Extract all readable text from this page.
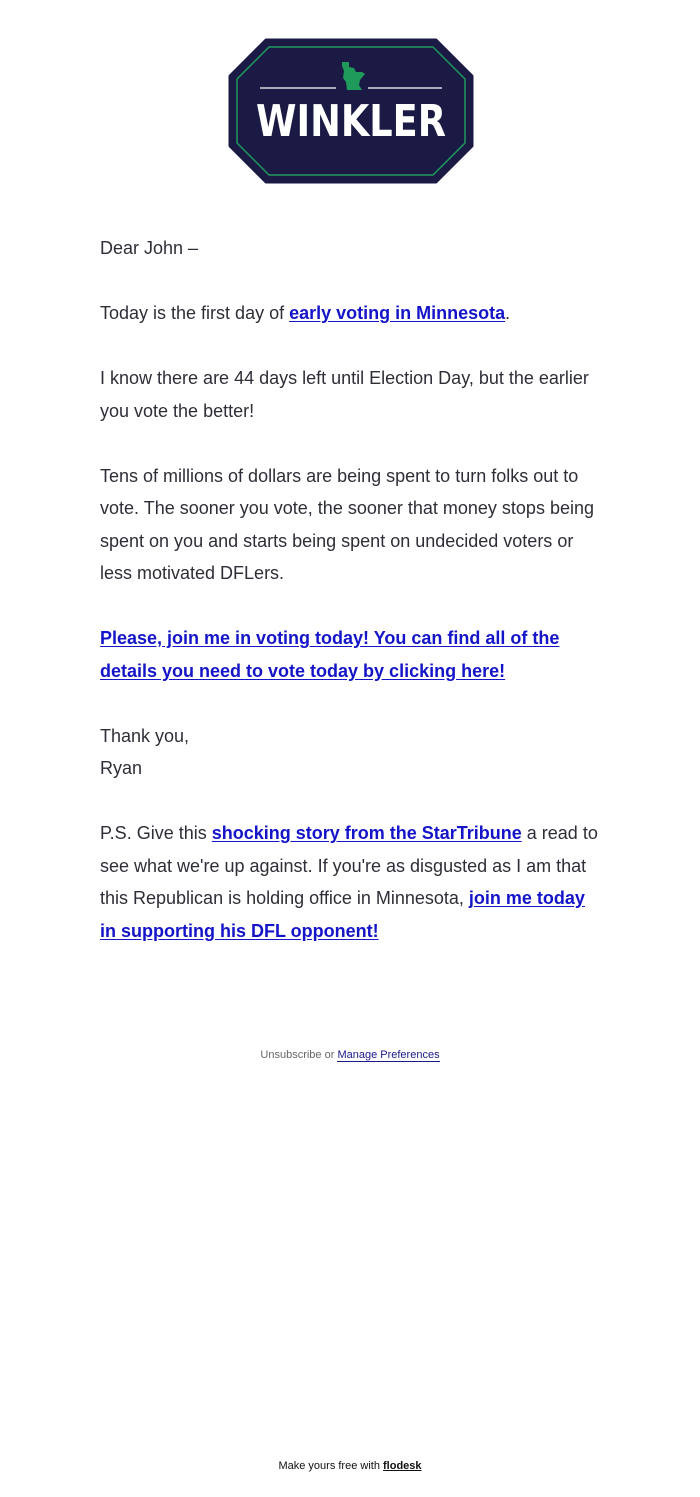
WINKLER

Dear John –

Today is the first day of early voting in Minnesota.

I know there are 44 days left until Election Day, but the earlier you vote the better!

Tens of millions of dollars are being spent to turn folks out to vote. The sooner you vote, the sooner that money stops being spent on you and starts being spent on undecided voters or less motivated DFLers.

Please, join me in voting today! You can find all of the details you need to vote today by clicking here!

Thank you,
Ryan

P.S. Give this shocking story from the StarTribune a read to see what we're up against. If you're as disgusted as I am that this Republican is holding office in Minnesota, join me today in supporting his DFL opponent!

Unsubscribe or Manage Preferences
Make yours free with flodesk
